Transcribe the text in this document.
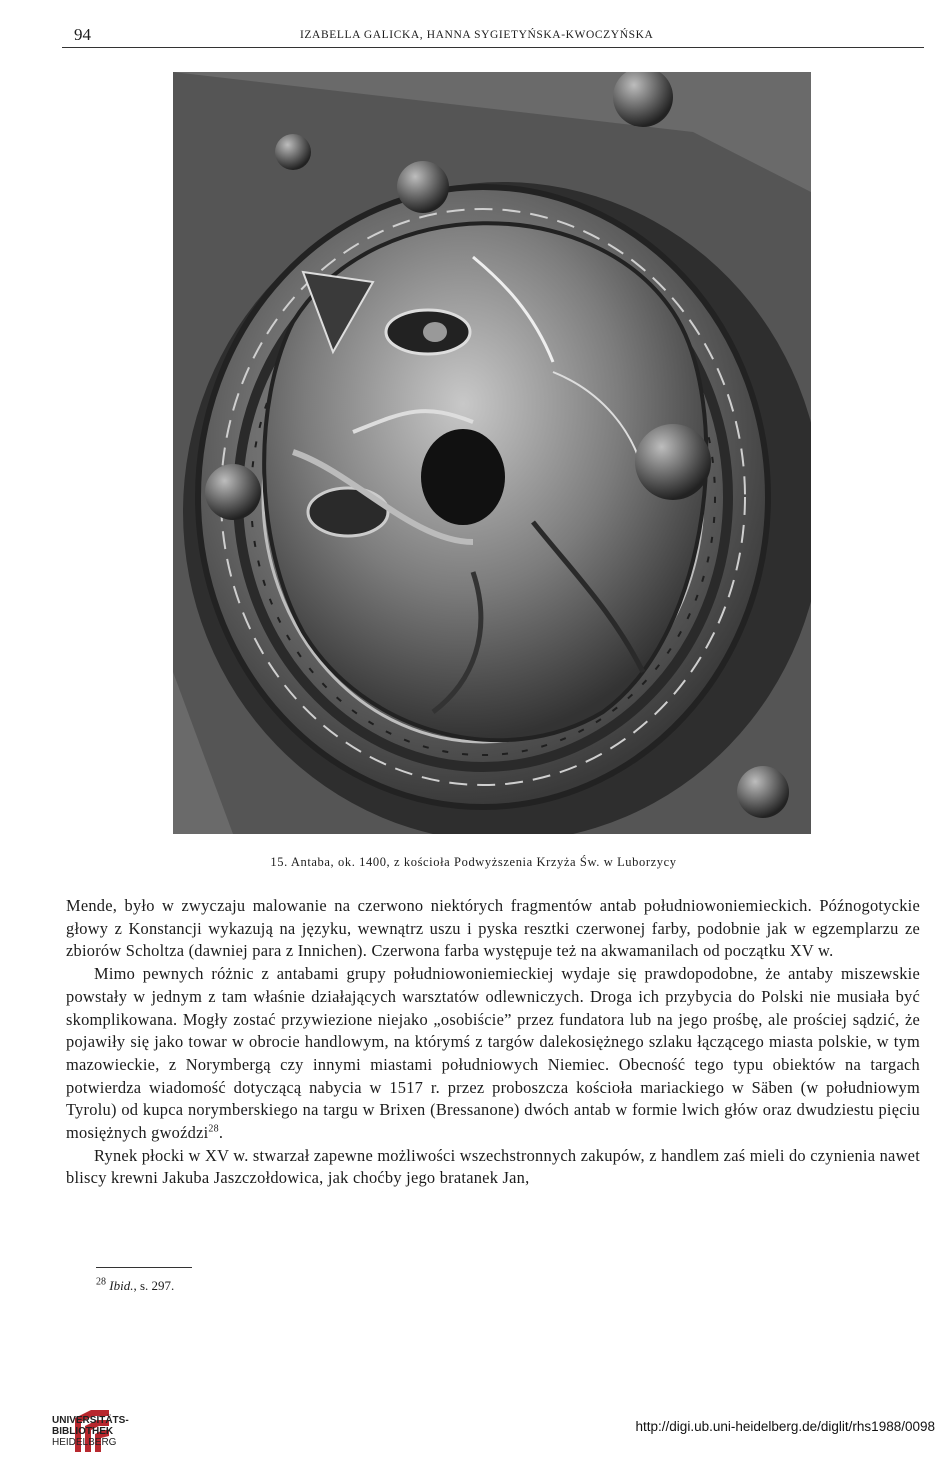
94	IZABELLA GALICKA, HANNA SYGIETYŃSKA-KWOCZYŃSKA
15. Antaba, ok. 1400, z kościoła Podwyższenia Krzyża Św. w Luborzycy

Mende, było w zwyczaju malowanie na czerwono niektórych fragmentów antab południowoniemieckich. Późnogotyckie głowy z Konstancji wykazują na języku, wewnątrz uszu i pyska resztki czerwonej farby, podobnie jak w egzemplarzu ze zbiorów Scholtza (dawniej para z Innichen). Czerwona farba występuje też na akwamanilach od początku XV w.

Mimo pewnych różnic z antabami grupy południowoniemieckiej wydaje się prawdopodobne, że antaby miszewskie powstały w jednym z tam właśnie działających warsztatów odlewniczych. Droga ich przybycia do Polski nie musiała być skomplikowana. Mogły zostać przywiezione niejako „osobiście” przez fundatora lub na jego prośbę, ale prościej sądzić, że pojawiły się jako towar w obrocie handlowym, na którymś z targów dalekosiężnego szlaku łączącego miasta polskie, w tym mazowieckie, z Norymbergą czy innymi miastami południowych Niemiec. Obecność tego typu obiektów na targach potwierdza wiadomość dotyczącą nabycia w 1517 r. przez proboszcza kościoła mariackiego w Säben (w południowym Tyrolu) od kupca norymberskiego na targu w Brixen (Bressanone) dwóch antab w formie lwich głów oraz dwudziestu pięciu mosiężnych gwoździ$^{28}$.

Rynek płocki w XV w. stwarzał zapewne możliwości wszechstronnych zakupów, z handlem zaś mieli do czynienia nawet bliscy krewni Jakuba Jaszczołdowica, jak choćby jego bratanek Jan,

$^{28}$ Ibid., s. 297.
UNIVERSITÄTS-
BIBLIOTHEK
HEIDELBERG
http://digi.ub.uni-heidelberg.de/diglit/rhs1988/0098
